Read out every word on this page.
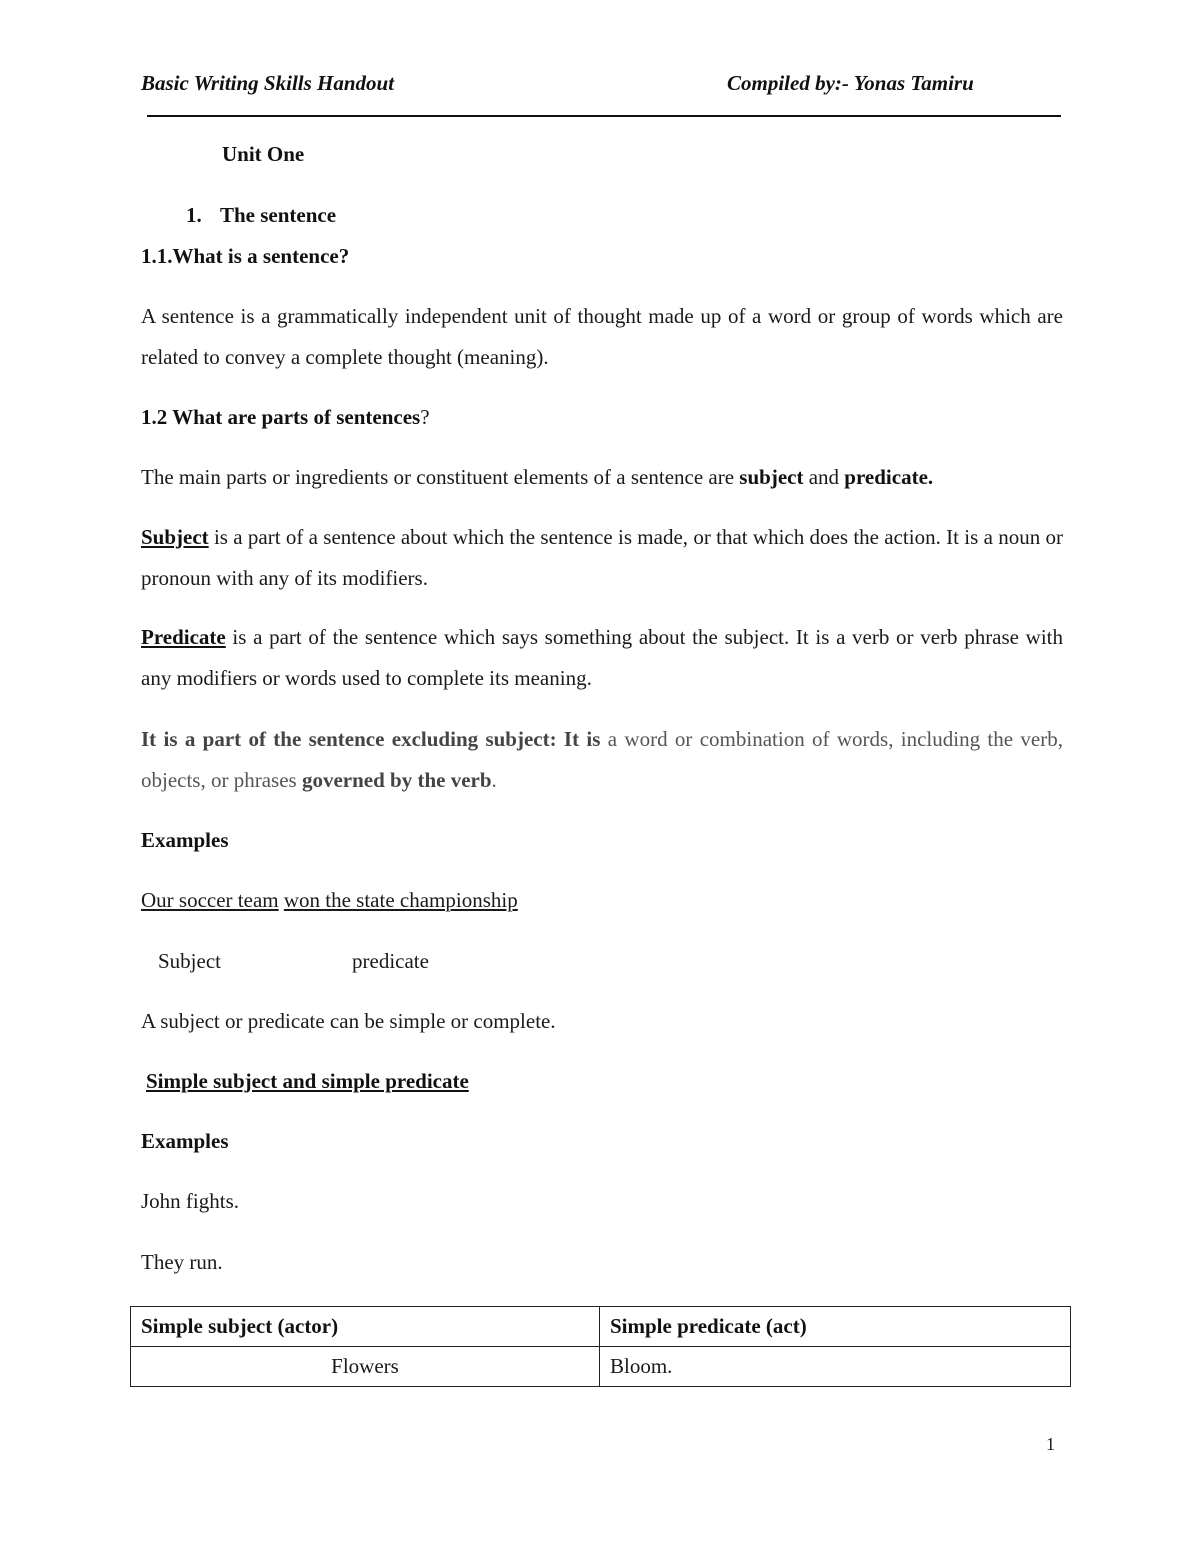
Basic Writing Skills Handout	Compiled by:- Yonas Tamiru
Unit One
1. The sentence
1.1.What is a sentence?
A sentence is a grammatically independent unit of thought made up of a word or group of words which are related to convey a complete thought (meaning).
1.2 What are parts of sentences?
The main parts or ingredients or constituent elements of a sentence are subject and predicate.
Subject is a part of a sentence about which the sentence is made, or that which does the action. It is a noun or pronoun with any of its modifiers.
Predicate is a part of the sentence which says something about the subject. It is a verb or verb phrase with any modifiers or words used to complete its meaning.
It is a part of the sentence excluding subject: It is a word or combination of words, including the verb, objects, or phrases governed by the verb.
Examples
Our soccer team won the state championship
Subject	predicate
A subject or predicate can be simple or complete.
Simple subject and simple predicate
Examples
John fights.
They run.
Simple subject (actor)	Simple predicate (act)
Flowers	Bloom.
1
